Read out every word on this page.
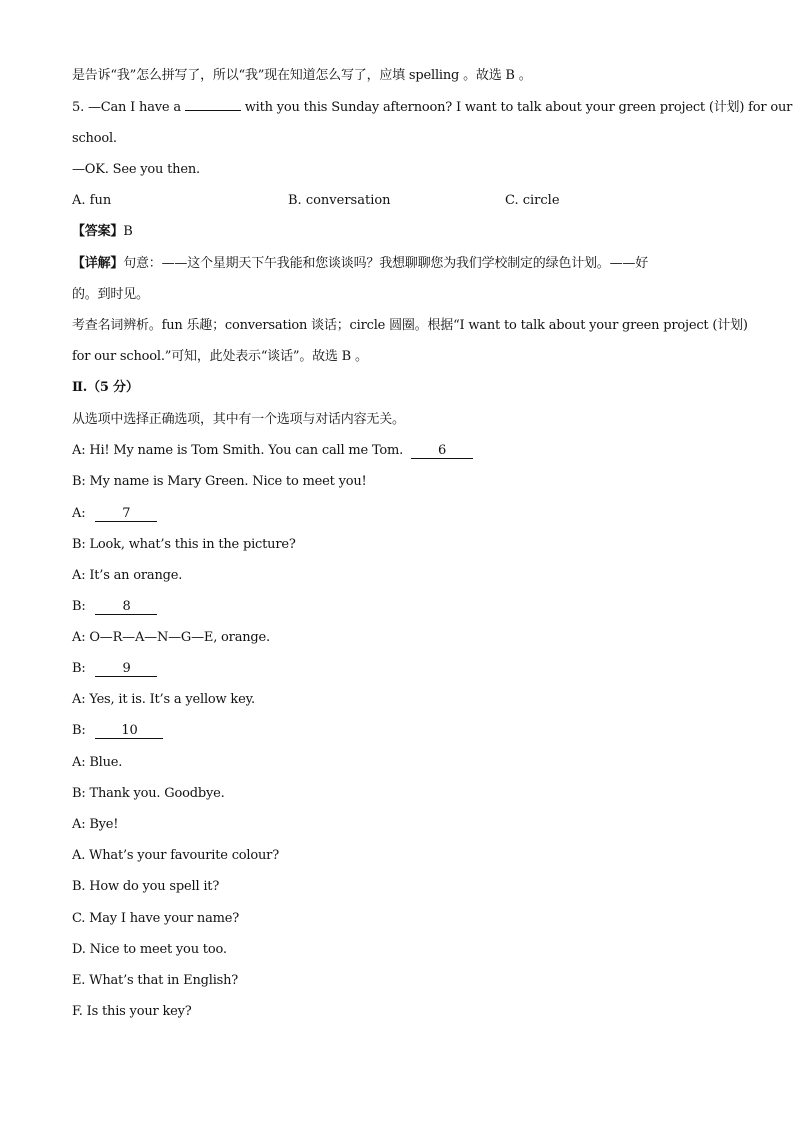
是告诉“我”怎么拼写了，所以“我”现在知道怎么写了，应填 spelling 。故选 B 。
5. —Can I have a	with you this Sunday afternoon? I want to talk about your green project (计划) for our
school.
—OK. See you then.
A. fun	B. conversation	C. circle
【答案】B
【详解】句意：——这个星期天下午我能和您谈谈吗？我想聊聊您为我们学校制定的绿色计划。——好
的。到时见。
考查名词辨析。fun 乐趣；conversation 谈话；circle 圆圈。根据“I want to talk about your green project (计划)
for our school.”可知，此处表示“谈话”。故选 B 。
Ⅱ.（5 分）
从选项中选择正确选项，其中有一个选项与对话内容无关。
A: Hi! My name is Tom Smith. You can call me Tom.	6
B: My name is Mary Green. Nice to meet you!
A:	7
B: Look, what’s this in the picture?
A: It’s an orange.
B:	8
A: O—R—A—N—G—E, orange.
B:	9
A: Yes, it is. It’s a yellow key.
B:	10
A: Blue.
B: Thank you. Goodbye.
A: Bye!
A. What’s your favourite colour?
B. How do you spell it?
C. May I have your name?
D. Nice to meet you too.
E. What’s that in English?
F. Is this your key?
